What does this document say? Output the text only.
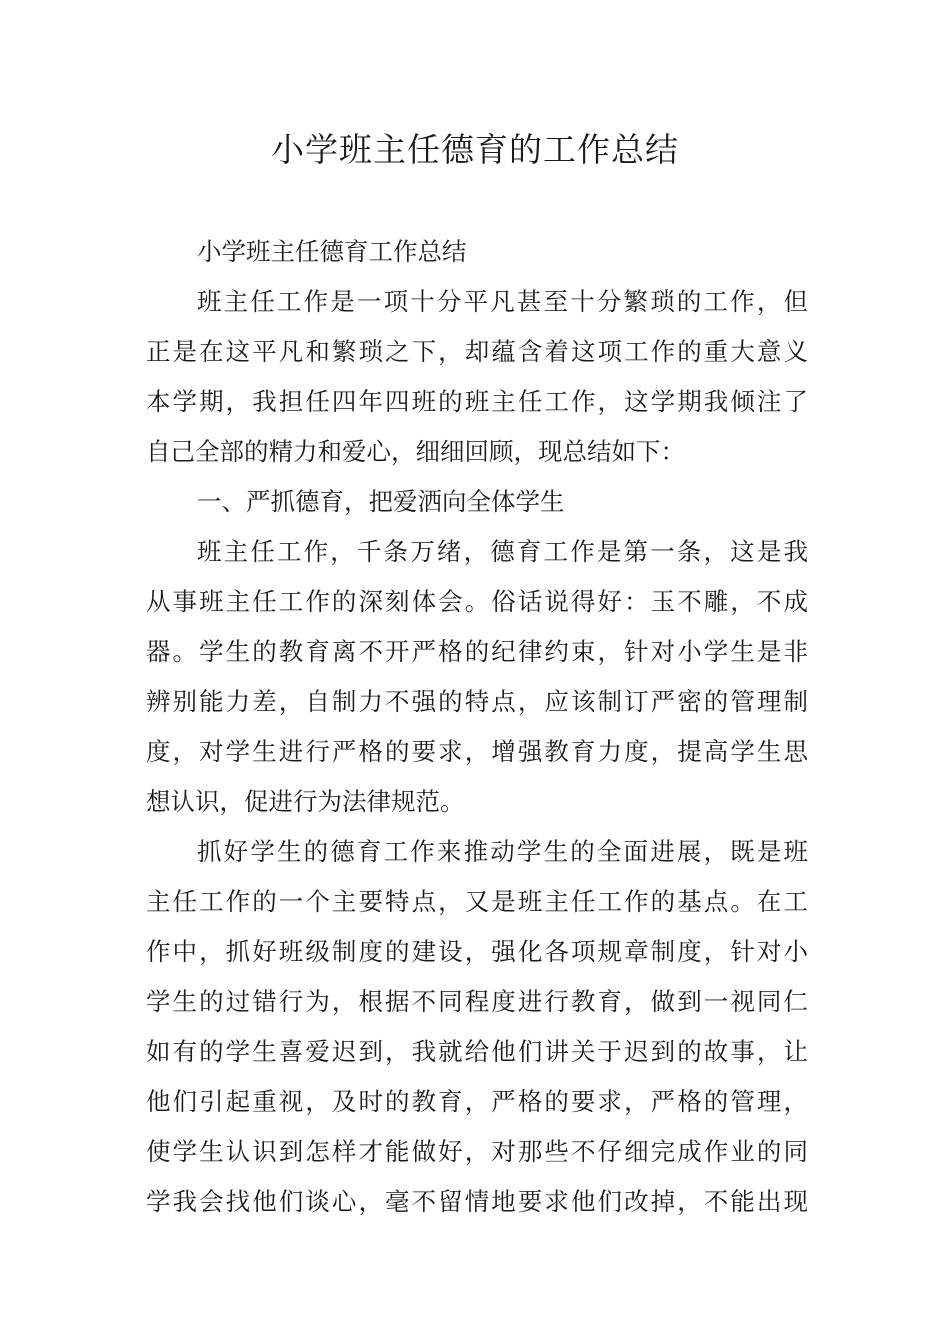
小学班主任德育的工作总结
小学班主任德育工作总结
班主任工作是一项十分平凡甚至十分繁琐的工作，但
正是在这平凡和繁琐之下，却蕴含着这项工作的重大意义
本学期，我担任四年四班的班主任工作，这学期我倾注了
自己全部的精力和爱心，细细回顾，现总结如下：
一、严抓德育，把爱洒向全体学生
班主任工作，千条万绪，德育工作是第一条，这是我
从事班主任工作的深刻体会。俗话说得好：玉不雕，不成
器。学生的教育离不开严格的纪律约束，针对小学生是非
辨别能力差，自制力不强的特点，应该制订严密的管理制
度，对学生进行严格的要求，增强教育力度，提高学生思
想认识，促进行为法律规范。
抓好学生的德育工作来推动学生的全面进展，既是班
主任工作的一个主要特点，又是班主任工作的基点。在工
作中，抓好班级制度的建设，强化各项规章制度，针对小
学生的过错行为，根据不同程度进行教育，做到一视同仁
如有的学生喜爱迟到，我就给他们讲关于迟到的故事，让
他们引起重视，及时的教育，严格的要求，严格的管理，
使学生认识到怎样才能做好，对那些不仔细完成作业的同
学我会找他们谈心，毫不留情地要求他们改掉，不能出现
